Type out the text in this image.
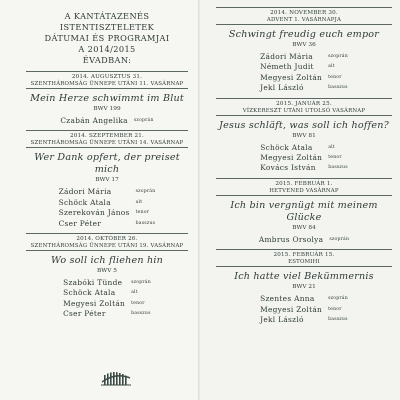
A KANTÁTAZENÉS
ISTENTISZTELETEK
DÁTUMAI ÉS PROGRAMJAI
A 2014/2015
ÉVADBAN:
2014. AUGUSZTUS 31.
SZENTHÁROMSÁG ÜNNEPE UTÁNI 11. VASÁRNAP
Mein Herze schwimmt im Blut
BWV 199
Czabán Angelika	szoprán
2014. SZEPTEMBER 21.
SZENTHÁROMSÁG ÜNNEPE UTÁNI 14. VASÁRNAP
Wer Dank opfert, der preiset mich
BWV 17
Zádori Mária	szoprán
Schöck Atala	alt
Szerekován János	tenor
Cser Péter	basszus
2014. OKTÓBER 26.
SZENTHÁROMSÁG ÜNNEPE UTÁNI 19. VASÁRNAP
Wo soll ich fliehen hin
BWV 5
Szabóki Tünde	szoprán
Schöck Atala	alt
Megyesi Zoltán	tenor
Cser Péter	basszus
2014. NOVEMBER 30.
ADVENT 1. VASÁRNAPJA
Schwingt freudig euch empor
BWV 36
Zádori Mária	szoprán
Németh Judit	alt
Megyesi Zoltán	tenor
Jekl László	basszus
2015. JANUÁR 25.
VÍZKERESZT UTÁNI UTOLSÓ VASÁRNAP
Jesus schläft, was soll ich hoffen?
BWV 81
Schöck Atala	alt
Megyesi Zoltán	tenor
Kovács István	basszus
2015. FEBRUÁR 1.
HETVENED VASÁRNAP
Ich bin vergnügt mit meinem Glücke
BWV 84
Ambrus Orsolya	szoprán
2015. FEBRUÁR 15.
ESTOMIHI
Ich hatte viel Bekümmernis
BWV 21
Szentes Anna	szoprán
Megyesi Zoltán	tenor
Jekl László	basszus
